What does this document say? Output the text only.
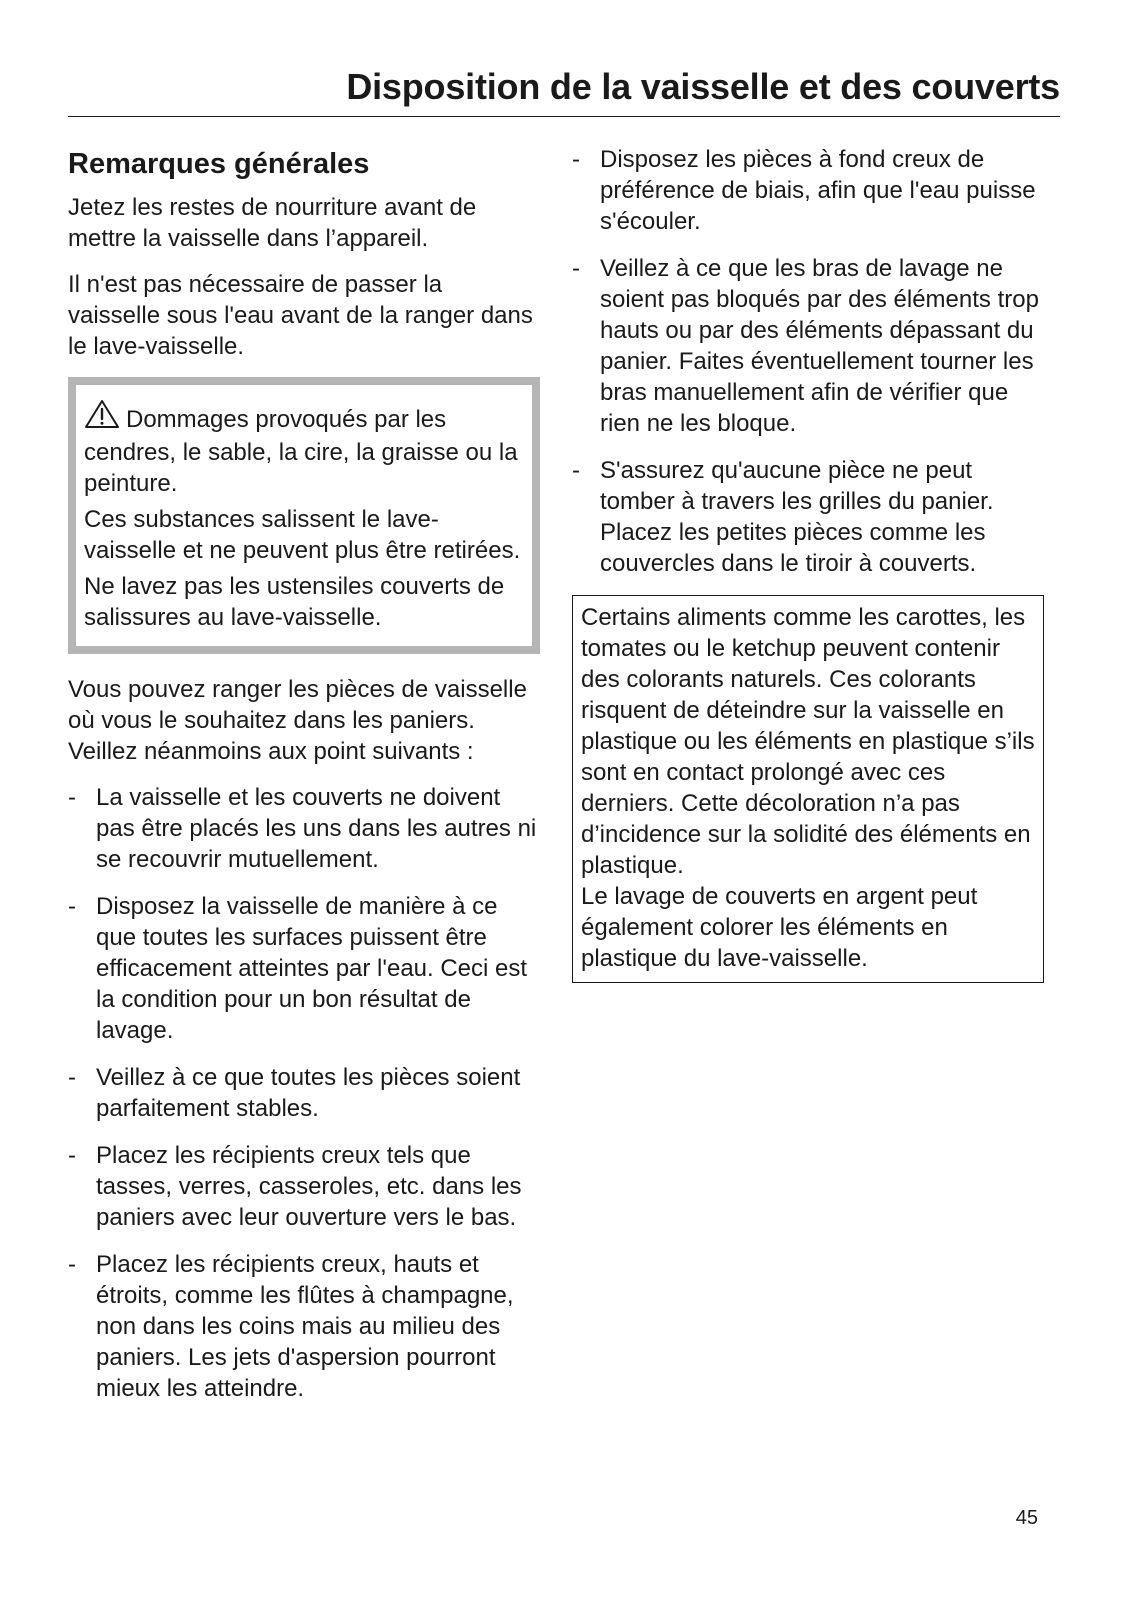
Disposition de la vaisselle et des couverts
Remarques générales

Jetez les restes de nourriture avant de mettre la vaisselle dans l’appareil.

Il n'est pas nécessaire de passer la vaisselle sous l'eau avant de la ranger dans le lave-vaisselle.

Dommages provoqués par les cendres, le sable, la cire, la graisse ou la peinture.

Ces substances salissent le lave-vaisselle et ne peuvent plus être retirées.

Ne lavez pas les ustensiles couverts de salissures au lave-vaisselle.

Vous pouvez ranger les pièces de vaisselle où vous le souhaitez dans les paniers. Veillez néanmoins aux point suivants :

- La vaisselle et les couverts ne doivent pas être placés les uns dans les autres ni se recouvrir mutuellement.
- Disposez la vaisselle de manière à ce que toutes les surfaces puissent être efficacement atteintes par l'eau. Ceci est la condition pour un bon résultat de lavage.
- Veillez à ce que toutes les pièces soient parfaitement stables.
- Placez les récipients creux tels que tasses, verres, casseroles, etc. dans les paniers avec leur ouverture vers le bas.
- Placez les récipients creux, hauts et étroits, comme les flûtes à champagne, non dans les coins mais au milieu des paniers. Les jets d'aspersion pourront mieux les atteindre.
- Disposez les pièces à fond creux de préférence de biais, afin que l'eau puisse s'écouler.
- Veillez à ce que les bras de lavage ne soient pas bloqués par des éléments trop hauts ou par des éléments dépassant du panier. Faites éventuellement tourner les bras manuellement afin de vérifier que rien ne les bloque.
- S'assurez qu'aucune pièce ne peut tomber à travers les grilles du panier. Placez les petites pièces comme les couvercles dans le tiroir à couverts.

Certains aliments comme les carottes, les tomates ou le ketchup peuvent contenir des colorants naturels. Ces colorants risquent de déteindre sur la vaisselle en plastique ou les éléments en plastique s’ils sont en contact prolongé avec ces derniers. Cette décoloration n’a pas d’incidence sur la solidité des éléments en plastique.

Le lavage de couverts en argent peut également colorer les éléments en plastique du lave-vaisselle.

45
